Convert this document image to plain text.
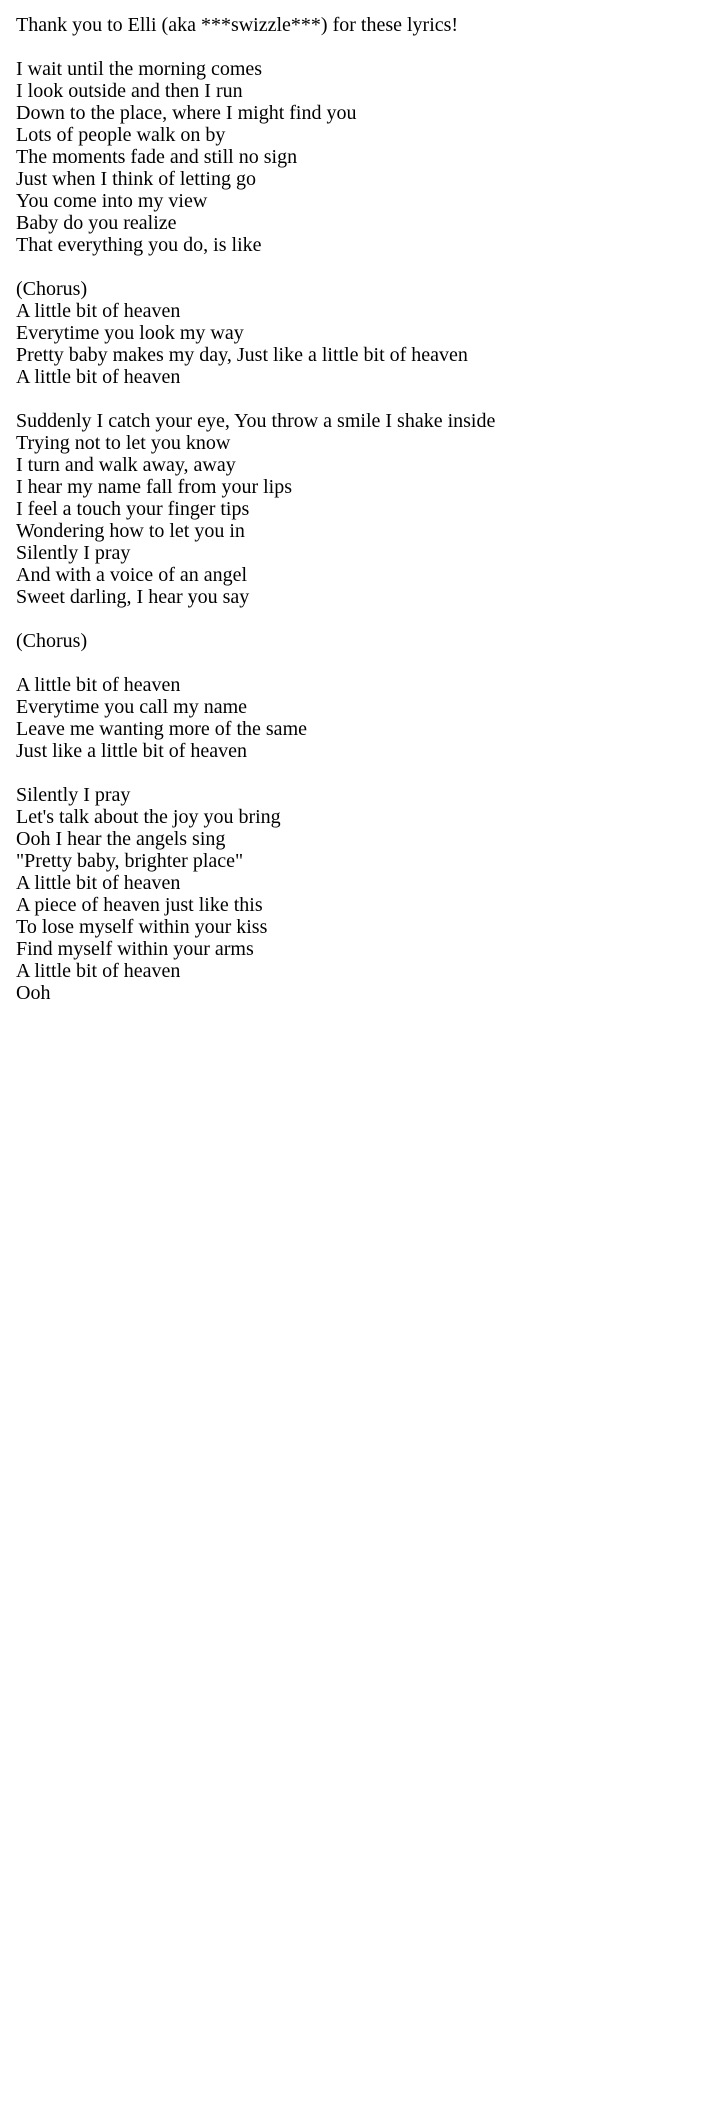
Thank you to Elli (aka ***swizzle***) for these lyrics!
I wait until the morning comes
I look outside and then I run
Down to the place, where I might find you
Lots of people walk on by
The moments fade and still no sign
Just when I think of letting go
You come into my view
Baby do you realize
That everything you do, is like
(Chorus)
A little bit of heaven
Everytime you look my way
Pretty baby makes my day, Just like a little bit of heaven
A little bit of heaven
Suddenly I catch your eye, You throw a smile I shake inside
Trying not to let you know
I turn and walk away, away
I hear my name fall from your lips
I feel a touch your finger tips
Wondering how to let you in
Silently I pray
And with a voice of an angel
Sweet darling, I hear you say
(Chorus)
A little bit of heaven
Everytime you call my name
Leave me wanting more of the same
Just like a little bit of heaven
Silently I pray
Let's talk about the joy you bring
Ooh I hear the angels sing
"Pretty baby, brighter place"
A little bit of heaven
A piece of heaven just like this
To lose myself within your kiss
Find myself within your arms
A little bit of heaven
Ooh
